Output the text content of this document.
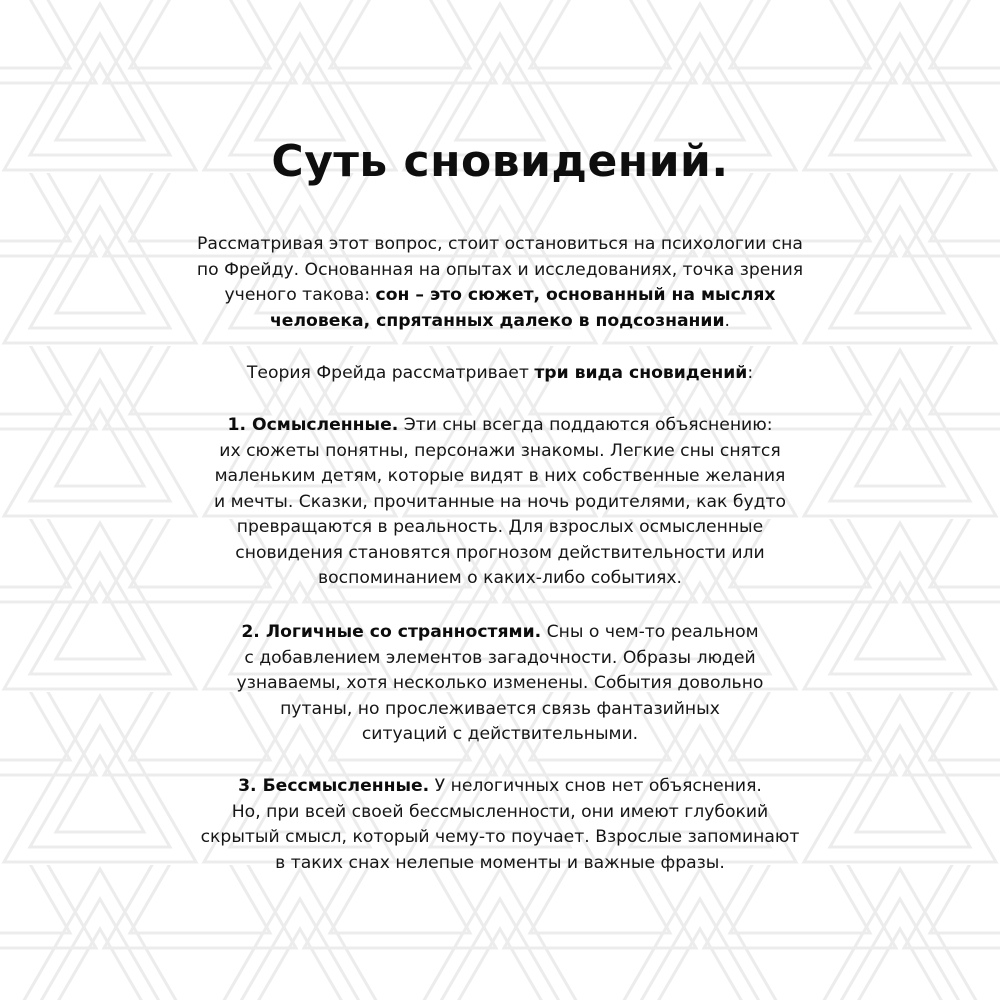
Суть сновидений.

Рассматривая этот вопрос, стоит остановиться на психологии сна
по Фрейду. Основанная на опытах и исследованиях, точка зрения
ученого такова: сон – это сюжет, основанный на мыслях
человека, спрятанных далеко в подсознании.

Теория Фрейда рассматривает три вида сновидений:

1. Осмысленные. Эти сны всегда поддаются объяснению:
их сюжеты понятны, персонажи знакомы. Легкие сны снятся
маленьким детям, которые видят в них собственные желания
и мечты. Сказки, прочитанные на ночь родителями, как будто
превращаются в реальность. Для взрослых осмысленные
сновидения становятся прогнозом действительности или
воспоминанием о каких-либо событиях.

2. Логичные со странностями. Сны о чем-то реальном
с добавлением элементов загадочности. Образы людей
узнаваемы, хотя несколько изменены. События довольно
путаны, но прослеживается связь фантазийных
ситуаций с действительными.

3. Бессмысленные. У нелогичных снов нет объяснения.
Но, при всей своей бессмысленности, они имеют глубокий
скрытый смысл, который чему-то поучает. Взрослые запоминают
в таких снах нелепые моменты и важные фразы.
